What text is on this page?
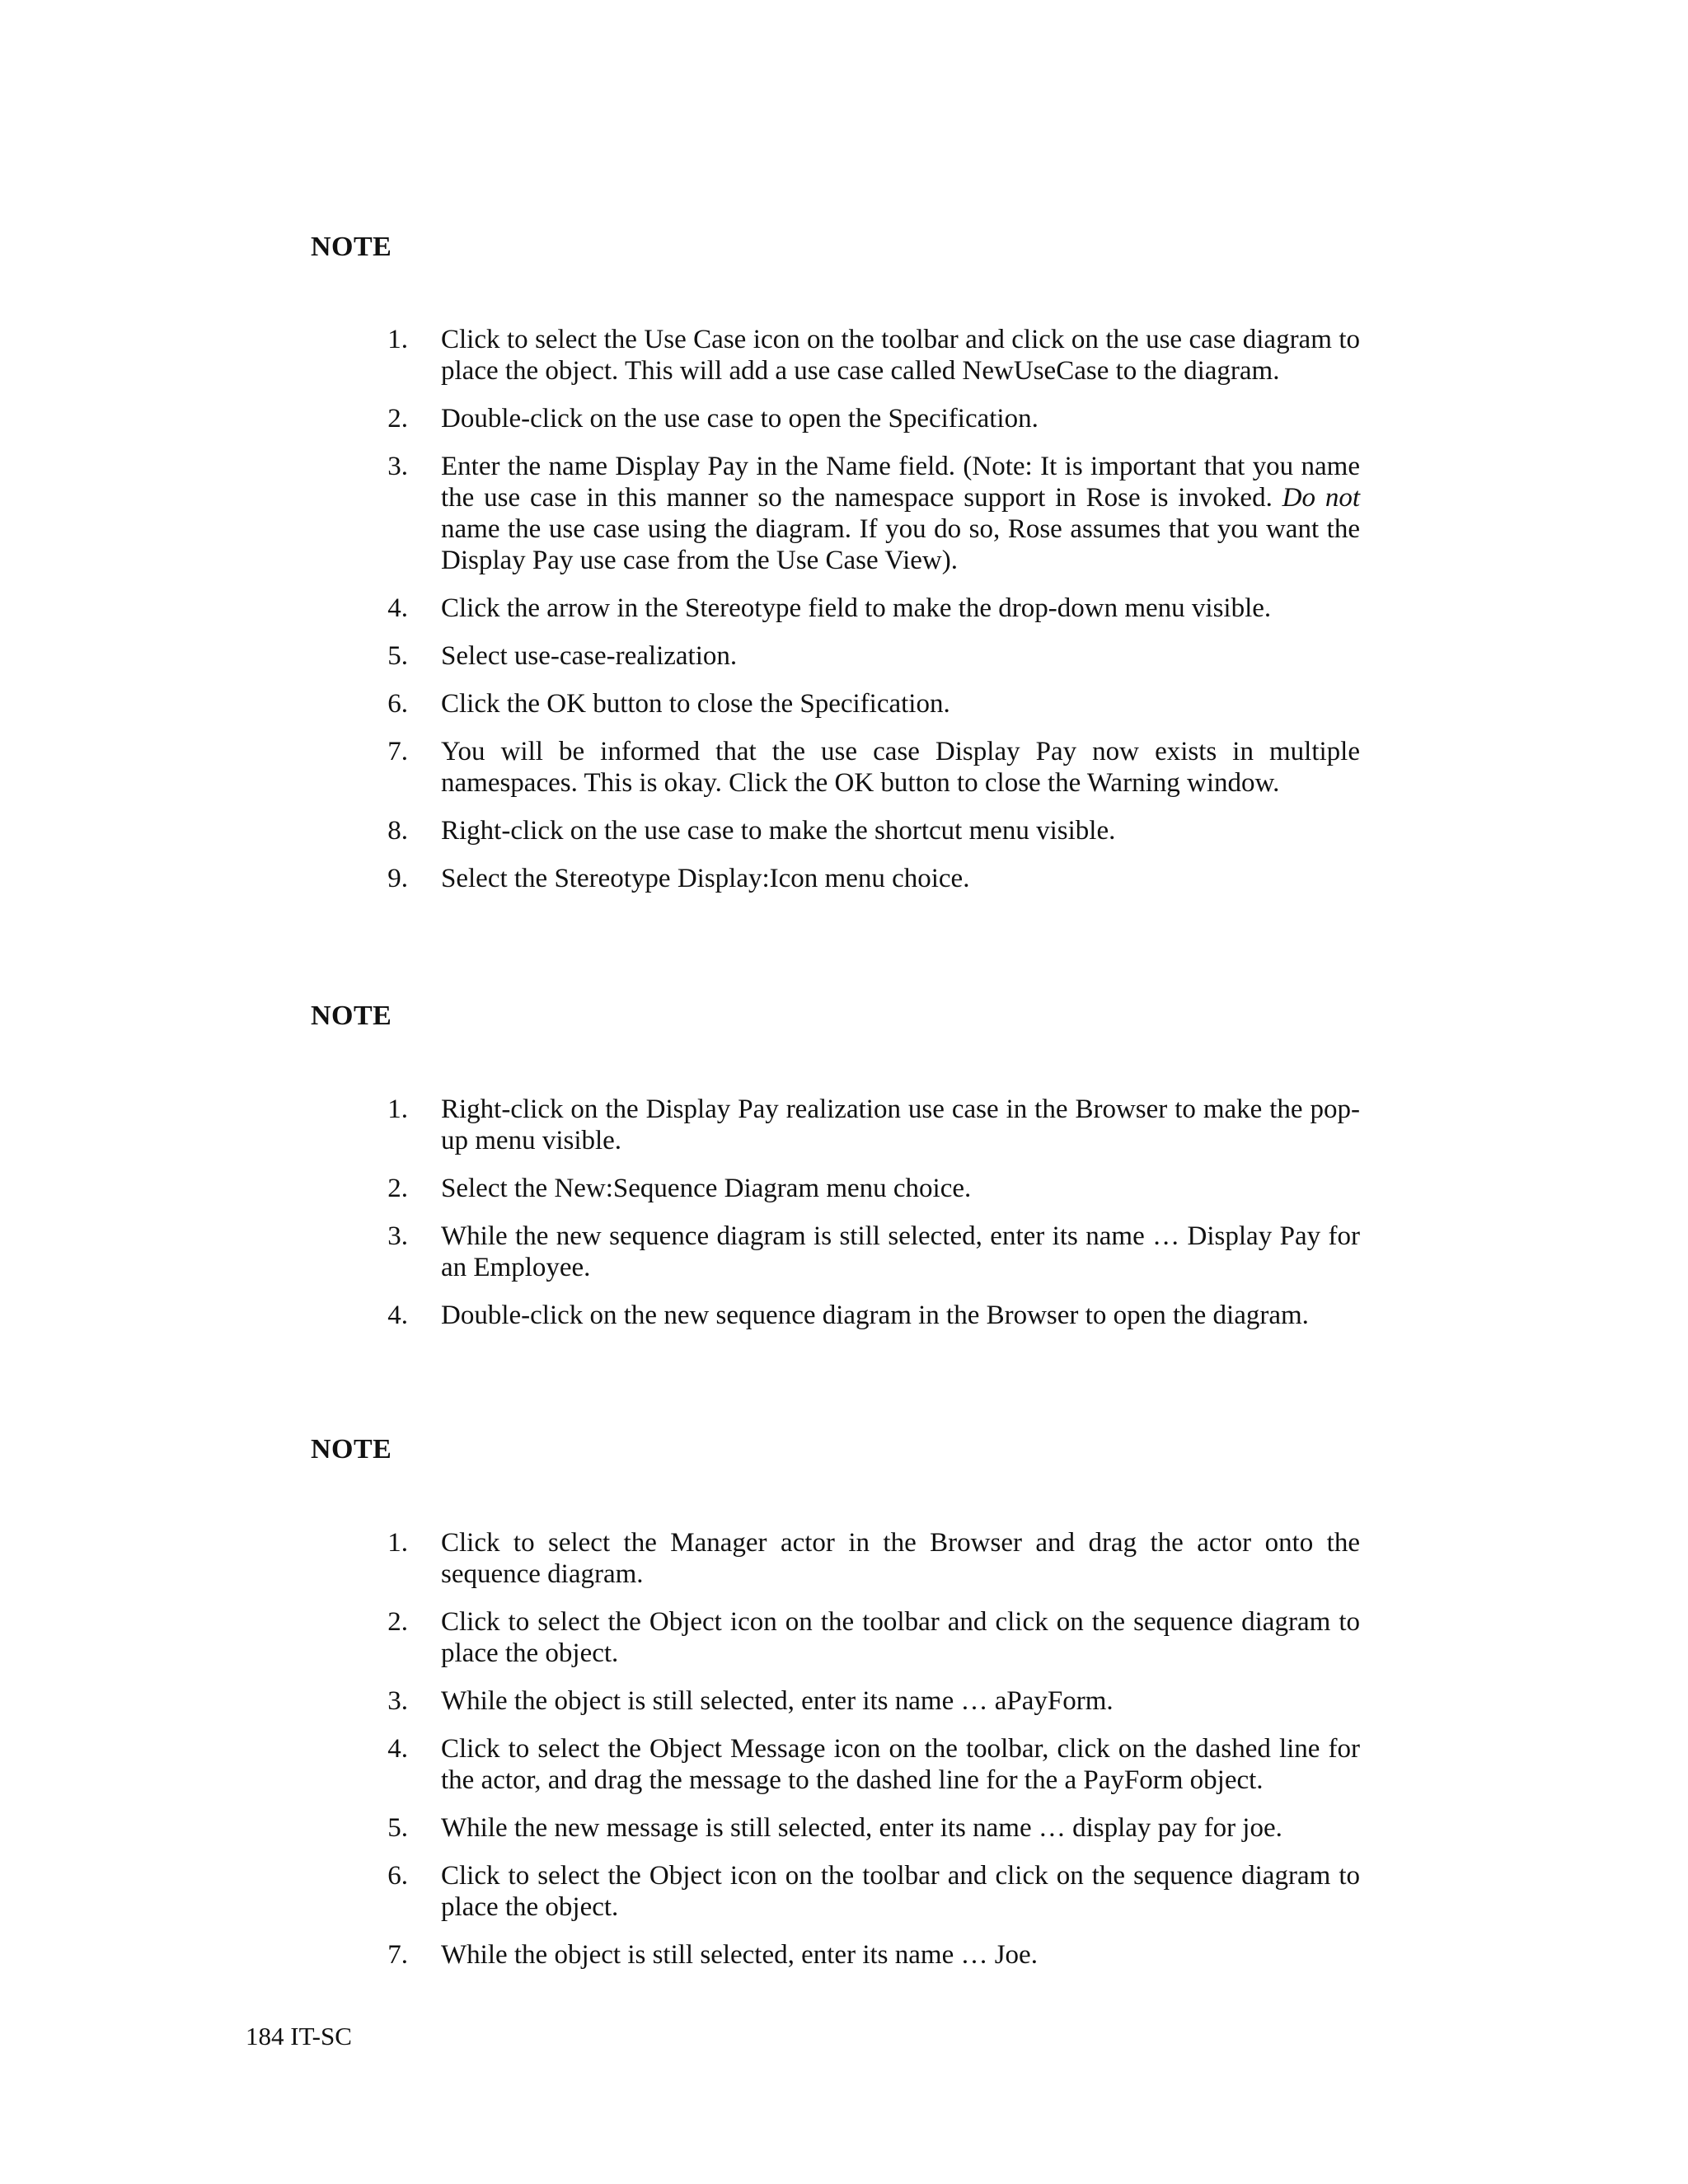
NOTE
1 . Click to select the Use Case icon on the toolbar and click on the use case diagram to place the object. This will add a use case called NewUseCase to the diagram.
2 . Double-click on the use case to open the Specification.
3 . Enter the name Display Pay in the Name field. (Note: It is important that you name the use case in this manner so the namespace support in Rose is invoked. Do not name the use case using the diagram. If you do so, Rose assumes that you want the Display Pay use case from the Use Case View).
4 . Click the arrow in the Stereotype field to make the drop-down menu visible.
5 . Select use-case-realization.
6 . Click the OK button to close the Specification.
7 . You will be informed that the use case Display Pay now exists in multiple namespaces. This is okay. Click the OK button to close the Warning window.
8 . Right-click on the use case to make the shortcut menu visible.
9 . Select the Stereotype Display:Icon menu choice.
NOTE
1 . Right-click on the Display Pay realization use case in the Browser to make the pop-up menu visible.
2 . Select the New:Sequence Diagram menu choice.
3 . While the new sequence diagram is still selected, enter its name … Display Pay for an Employee.
4 . Double-click on the new sequence diagram in the Browser to open the diagram.
NOTE
1 . Click to select the Manager actor in the Browser and drag the actor onto the sequence diagram.
2 . Click to select the Object icon on the toolbar and click on the sequence diagram to place the object.
3 . While the object is still selected, enter its name … aPayForm.
4 . Click to select the Object Message icon on the toolbar, click on the dashed line for the actor, and drag the message to the dashed line for the a PayForm object.
5 . While the new message is still selected, enter its name … display pay for joe.
6 . Click to select the Object icon on the toolbar and click on the sequence diagram to place the object.
7 . While the object is still selected, enter its name … Joe.
184 IT-SC
